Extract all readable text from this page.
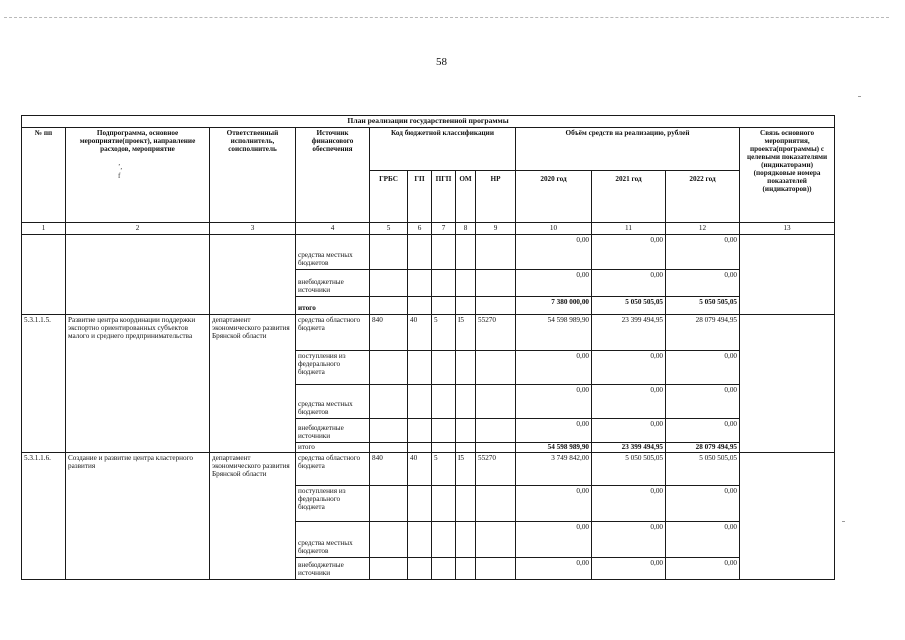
58
План реализации государственной программы												
№ пп	Подпрограмма, основное мероприятие(проект), направление расходов, мероприятие
ʼ,
f	Ответственный исполнитель, соисполнитель	Источник финансового обеспечения	Код бюджетной классификации					Объём средств на реализацию, рублей			Связь основного мероприятия, проекта(программы) с целевыми показателями (индикаторами) (порядковые номера показателей (индикаторов))
				ГРБС	ГП	ПГП	ОМ	НР	2020 год	2021 год	2022 год	
1	2	3	4	5	6	7	8	9	10	11	12	13
			средства местных бюджетов						0,00	0,00	0,00	
			внебюджетные источники						0,00	0,00	0,00	
			итого						7 380 000,00	5 050 505,05	5 050 505,05	
5.3.1.1.5.	Развитие центра координации поддержки экспортно ориентированных субъектов малого и среднего предпринимательства	департамент экономического развития Брянской области	средства областного бюджета	840	40	5	I5	55270	54 598 989,90	23 399 494,95	28 079 494,95	
			поступления из федерального бюджета						0,00	0,00	0,00	
			средства местных бюджетов						0,00	0,00	0,00	
			внебюджетные источники						0,00	0,00	0,00	
			итого						54 598 989,90	23 399 494,95	28 079 494,95	
5.3.1.1.6.	Создание и развитие центра кластерного развития	департамент экономического развития Брянской области	средства областного бюджета	840	40	5	I5	55270	3 749 842,00	5 050 505,05	5 050 505,05	
			поступления из федерального бюджета						0,00	0,00	0,00	
			средства местных бюджетов						0,00	0,00	0,00	
			внебюджетные источники						0,00	0,00	0,00	
